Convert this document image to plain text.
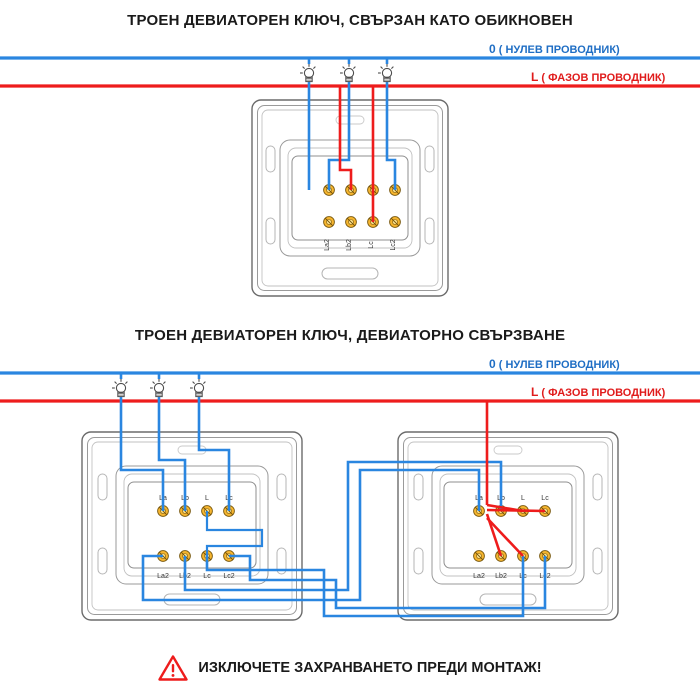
ТРОЕН ДЕВИАТОРЕН КЛЮЧ, СВЪРЗАН КАТО ОБИКНОВЕН
ТРОЕН ДЕВИАТОРЕН КЛЮЧ, ДЕВИАТОРНО СВЪРЗВАНЕ
0 ( НУЛЕВ ПРОВОДНИК)
L ( ФАЗОВ ПРОВОДНИК)
0 ( НУЛЕВ ПРОВОДНИК)
L ( ФАЗОВ ПРОВОДНИК)
La2 Lb2 Lc Lc2
La Lb L Lc
La2 Lb2 Lc Lc2
La Lb L Lc
La2 Lb2 Lc Lc2
ИЗКЛЮЧЕТЕ ЗАХРАНВАНЕТО ПРЕДИ МОНТАЖ!
